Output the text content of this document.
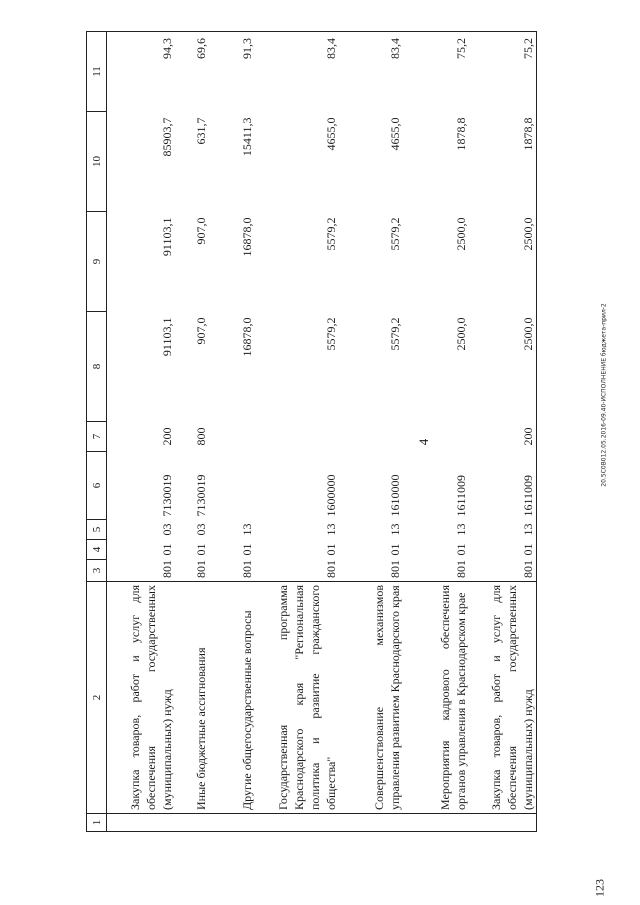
4	20.5С0В012.05.2016-09.40-ИСПОЛНЕНИЕ бюджета-прил-2
123
1	2	3	4	5	6	7	8	9	10	11
	Закупка товаров, работ и услуг для обеспечения государственных (муниципальных) нужд	801	01	03	7130019	200	91103,1	91103,1	85903,7	94,3
	Иные бюджетные ассигнования	801	01	03	7130019	800	907,0	907,0	631,7	69,6
	Другие общегосударственные вопросы	801	01	13			16878,0	16878,0	15411,3	91,3
	Государственная программа Краснодарского края "Региональная политика и развитие гражданского общества"	801	01	13	1600000		5579,2	5579,2	4655,0	83,4
	Совершенствование механизмов управления развитием Краснодарского края	801	01	13	1610000		5579,2	5579,2	4655,0	83,4
	Мероприятия кадрового обеспечения органов управления в Краснодарском крае	801	01	13	1611009		2500,0	2500,0	1878,8	75,2
	Закупка товаров, работ и услуг для обеспечения государственных (муниципальных) нужд	801	01	13	1611009	200	2500,0	2500,0	1878,8	75,2
